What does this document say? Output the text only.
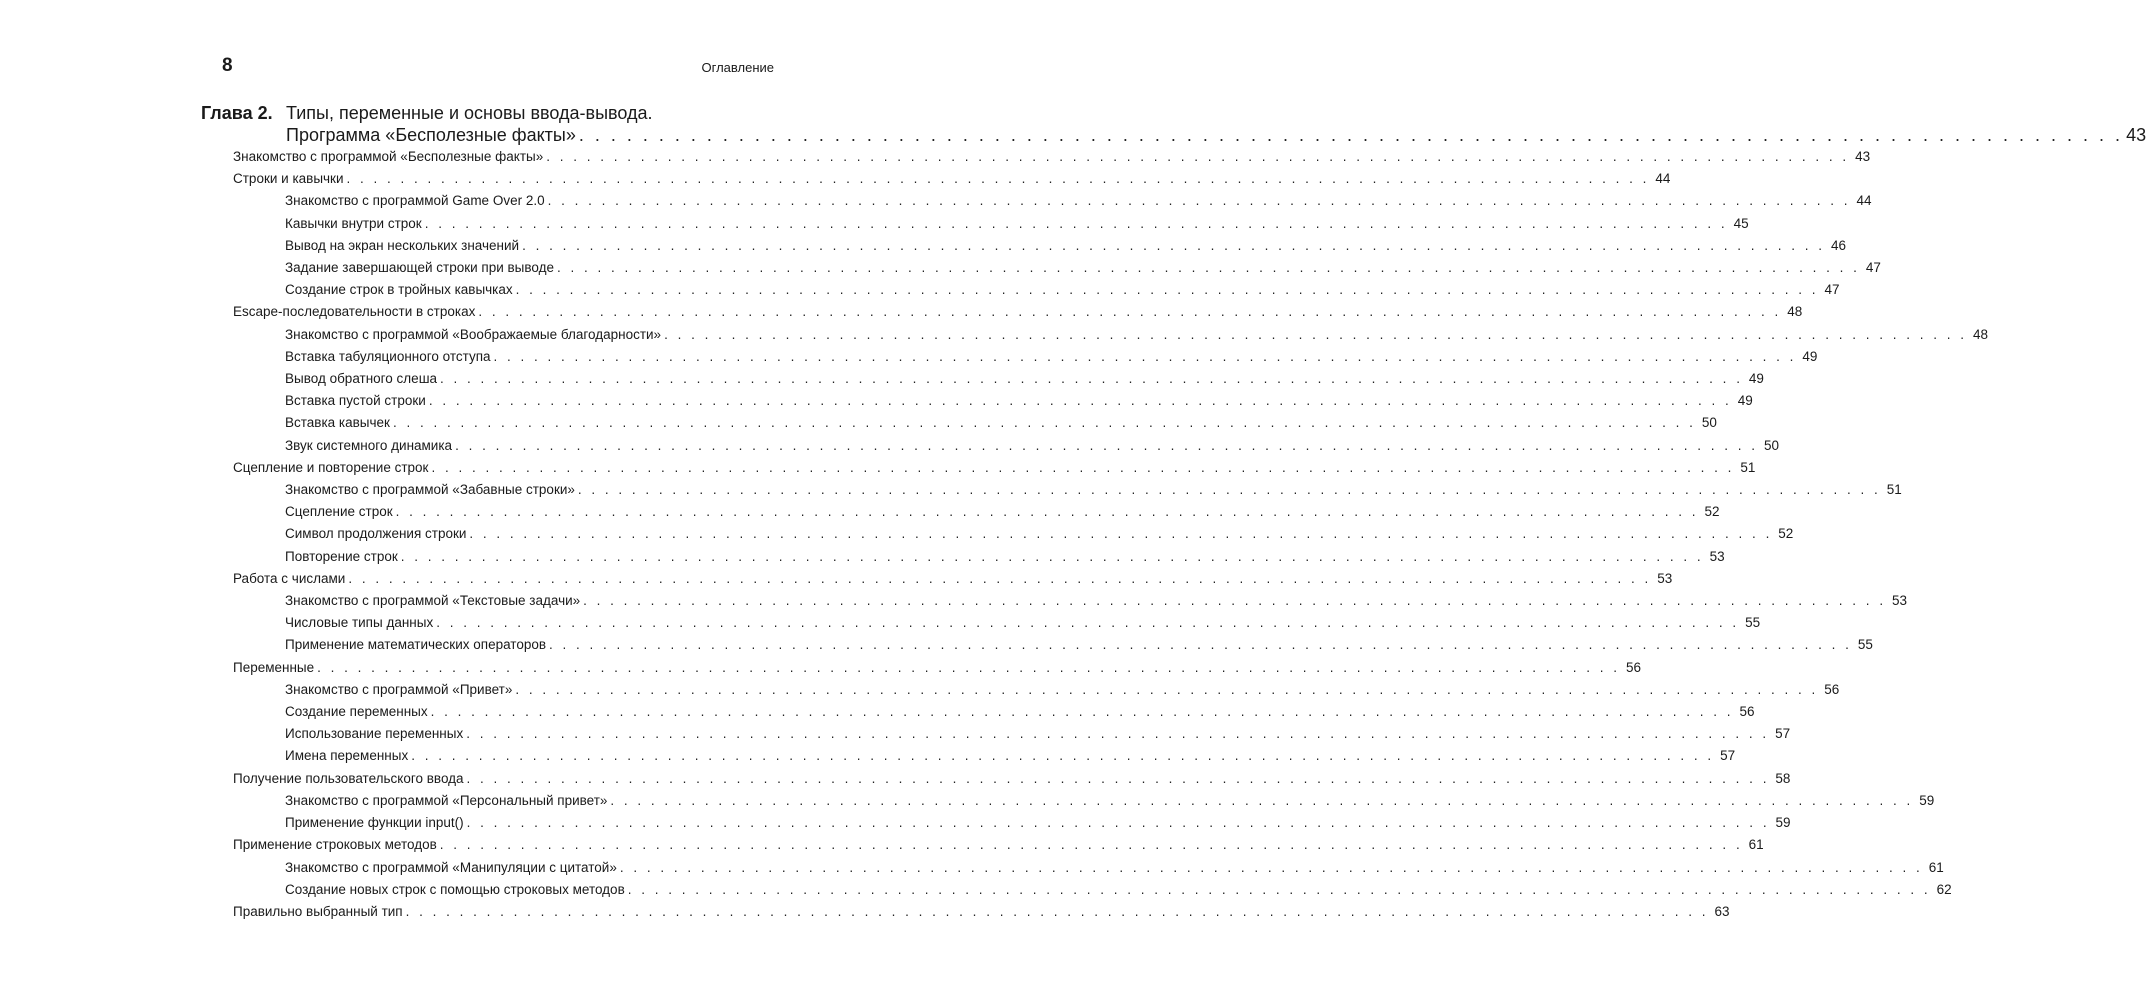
8	Оглавление
Глава 2. Типы, переменные и основы ввода-вывода.
Программа «Бесполезные факты» . . .	43
Знакомство с программой «Бесполезные факты» . . .	43
Строки и кавычки . . .	44
Знакомство с программой Game Over 2.0 . . .	44
Кавычки внутри строк . . .	45
Вывод на экран нескольких значений . . .	46
Задание завершающей строки при выводе . . .	47
Создание строк в тройных кавычках . . .	47
Escape-последовательности в строках . . .	48
Знакомство с программой «Воображаемые благодарности» . . .	48
Вставка табуляционного отступа . . .	49
Вывод обратного слеша . . .	49
Вставка пустой строки . . .	49
Вставка кавычек . . .	50
Звук системного динамика . . .	50
Сцепление и повторение строк . . .	51
Знакомство с программой «Забавные строки» . . .	51
Сцепление строк . . .	52
Символ продолжения строки . . .	52
Повторение строк . . .	53
Работа с числами . . .	53
Знакомство с программой «Текстовые задачи» . . .	53
Числовые типы данных . . .	55
Применение математических операторов . . .	55
Переменные . . .	56
Знакомство с программой «Привет» . . .	56
Создание переменных . . .	56
Использование переменных . . .	57
Имена переменных . . .	57
Получение пользовательского ввода . . .	58
Знакомство с программой «Персональный привет» . . .	59
Применение функции input() . . .	59
Применение строковых методов . . .	61
Знакомство с программой «Манипуляции с цитатой» . . .	61
Создание новых строк с помощью строковых методов . . .	62
Правильно выбранный тип . . .	63
